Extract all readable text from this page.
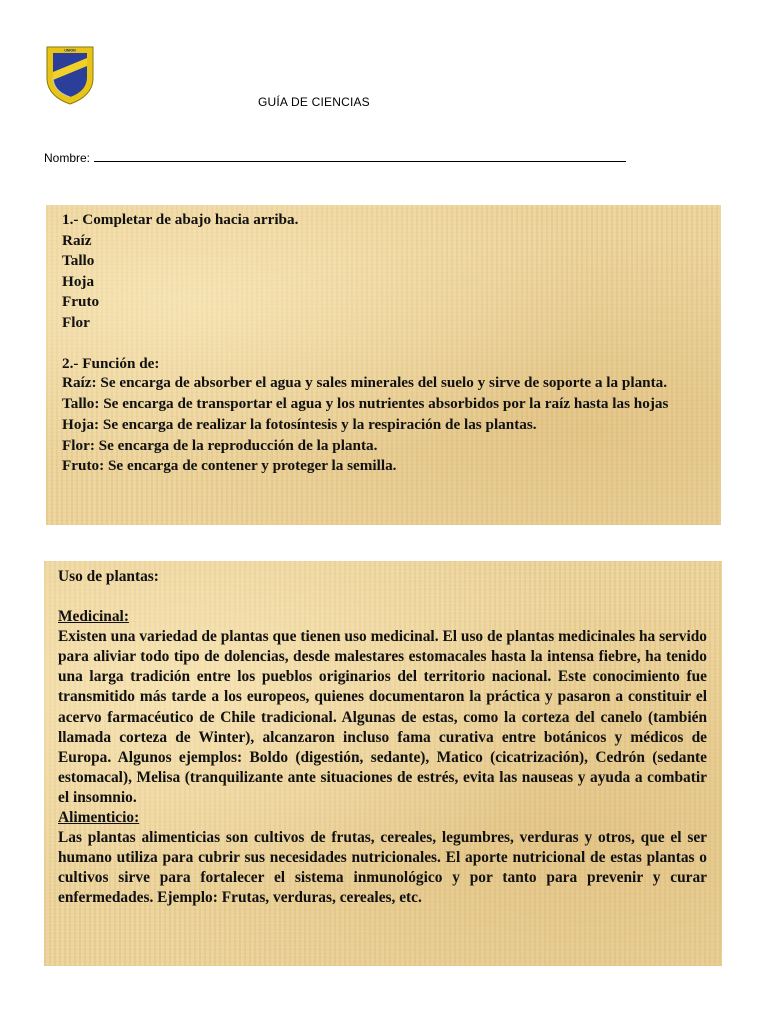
UNION
GUÍA DE CIENCIAS
Nombre:

1.- Completar de abajo hacia arriba.

Raíz

Tallo

Hoja

Fruto

Flor

2.- Función de:

Raíz: Se encarga de absorber el agua y sales minerales del suelo y sirve de soporte a la planta.

Tallo: Se encarga de transportar el agua y los nutrientes absorbidos por la raíz hasta las hojas

Hoja: Se encarga de realizar la fotosíntesis y la respiración de las plantas.

Flor: Se encarga de la reproducción de la planta.

Fruto: Se encarga de contener y proteger la semilla.

Uso de plantas:

Medicinal:

Existen una variedad de plantas que tienen uso medicinal. El uso de plantas medicinales ha servido para aliviar todo tipo de dolencias, desde malestares estomacales hasta la intensa fiebre, ha tenido una larga tradición entre los pueblos originarios del territorio nacional. Este conocimiento fue transmitido más tarde a los europeos, quienes documentaron la práctica y pasaron a constituir el acervo farmacéutico de Chile tradicional. Algunas de estas, como la corteza del canelo (también llamada corteza de Winter), alcanzaron incluso fama curativa entre botánicos y médicos de Europa. Algunos ejemplos: Boldo (digestión, sedante), Matico (cicatrización), Cedrón (sedante estomacal), Melisa (tranquilizante ante situaciones de estrés, evita las nauseas y ayuda a combatir el insomnio.

Alimenticio:

Las plantas alimenticias son cultivos de frutas, cereales, legumbres, verduras y otros, que el ser humano utiliza para cubrir sus necesidades nutricionales. El aporte nutricional de estas plantas o cultivos sirve para fortalecer el sistema inmunológico y por tanto para prevenir y curar enfermedades. Ejemplo: Frutas, verduras, cereales, etc.
